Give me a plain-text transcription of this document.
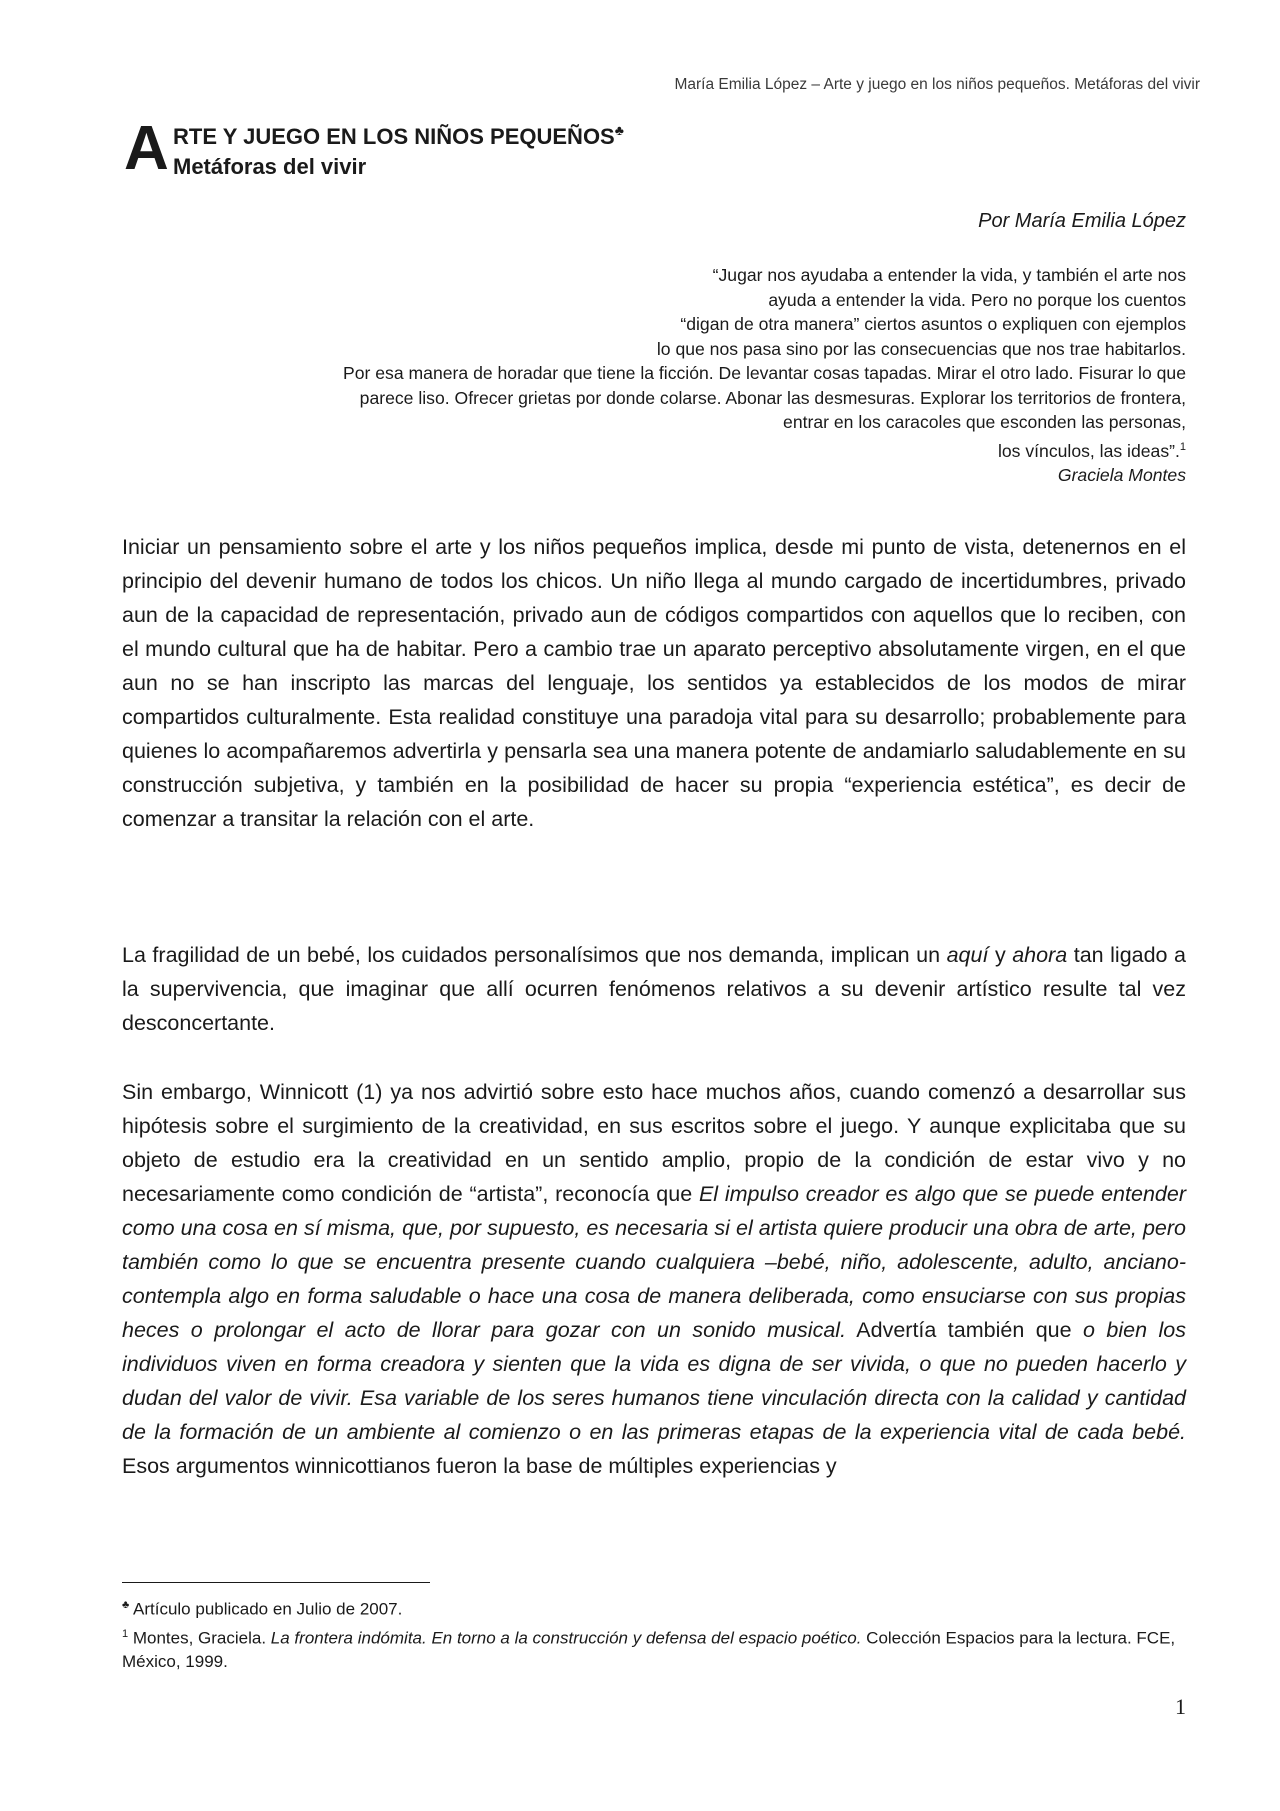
María Emilia López – Arte y juego en los niños pequeños. Metáforas del vivir
A RTE Y JUEGO EN LOS NIÑOS PEQUEÑOS♣
Metáforas del vivir
Por María Emilia López
“Jugar nos ayudaba a entender la vida, y también el arte nos
ayuda a entender la vida. Pero no porque los cuentos
“digan de otra manera” ciertos asuntos o expliquen con ejemplos
lo que nos pasa sino por las consecuencias que nos trae habitarlos.
Por esa manera de horadar que tiene la ficción. De levantar cosas tapadas. Mirar el otro lado. Fisurar lo que
parece liso. Ofrecer grietas por donde colarse. Abonar las desmesuras. Explorar los territorios de frontera,
entrar en los caracoles que esconden las personas,
los vínculos, las ideas”.$^1$
Graciela Montes

Iniciar un pensamiento sobre el arte y los niños pequeños implica, desde mi punto de vista, detenernos en el principio del devenir humano de todos los chicos. Un niño llega al mundo cargado de incertidumbres, privado aun de la capacidad de representación, privado aun de códigos compartidos con aquellos que lo reciben, con el mundo cultural que ha de habitar. Pero a cambio trae un aparato perceptivo absolutamente virgen, en el que aun no se han inscripto las marcas del lenguaje, los sentidos ya establecidos de los modos de mirar compartidos culturalmente. Esta realidad constituye una paradoja vital para su desarrollo; probablemente para quienes lo acompañaremos advertirla y pensarla sea una manera potente de andamiarlo saludablemente en su construcción subjetiva, y también en la posibilidad de hacer su propia “experiencia estética”, es decir de comenzar a transitar la relación con el arte.

La fragilidad de un bebé, los cuidados personalísimos que nos demanda, implican un aquí y ahora tan ligado a la supervivencia, que imaginar que allí ocurren fenómenos relativos a su devenir artístico resulte tal vez desconcertante.

Sin embargo, Winnicott (1) ya nos advirtió sobre esto hace muchos años, cuando comenzó a desarrollar sus hipótesis sobre el surgimiento de la creatividad, en sus escritos sobre el juego. Y aunque explicitaba que su objeto de estudio era la creatividad en un sentido amplio, propio de la condición de estar vivo y no necesariamente como condición de “artista”, reconocía que El impulso creador es algo que se puede entender como una cosa en sí misma, que, por supuesto, es necesaria si el artista quiere producir una obra de arte, pero también como lo que se encuentra presente cuando cualquiera –bebé, niño, adolescente, adulto, anciano- contempla algo en forma saludable o hace una cosa de manera deliberada, como ensuciarse con sus propias heces o prolongar el acto de llorar para gozar con un sonido musical. Advertía también que o bien los individuos viven en forma creadora y sienten que la vida es digna de ser vivida, o que no pueden hacerlo y dudan del valor de vivir. Esa variable de los seres humanos tiene vinculación directa con la calidad y cantidad de la formación de un ambiente al comienzo o en las primeras etapas de la experiencia vital de cada bebé. Esos argumentos winnicottianos fueron la base de múltiples experiencias y

♣ Artículo publicado en Julio de 2007.

$^1$ Montes, Graciela. La frontera indómita. En torno a la construcción y defensa del espacio poético. Colección Espacios para la lectura. FCE, México, 1999.

1
